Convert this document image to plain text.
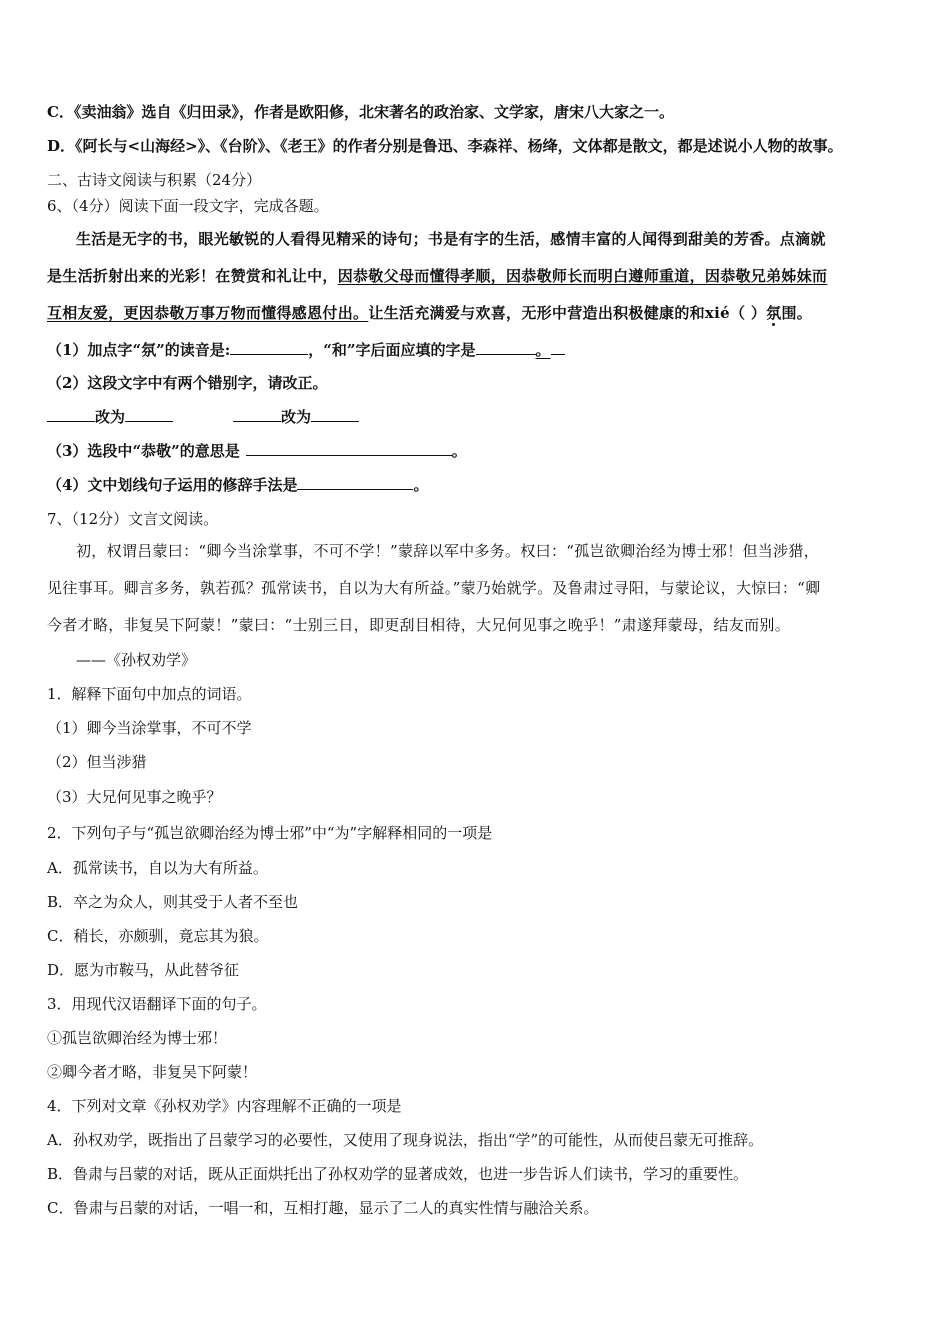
C．《卖油翁》选自《归田录》，作者是欧阳修，北宋著名的政治家、文学家，唐宋八大家之一。
D．《阿长与<山海经>》、《台阶》、《老王》的作者分别是鲁迅、李森祥、杨绛，文体都是散文，都是述说小人物的故事。
二、古诗文阅读与积累（24分）
6、（4分）阅读下面一段文字，完成各题。
生活是无字的书，眼光敏锐的人看得见精采的诗句；书是有字的生活，感情丰富的人闻得到甜美的芳香。点滴就
是生活折射出来的光彩！在赞赏和礼让中，因恭敬父母而懂得孝顺，因恭敬师长而明白遵师重道，因恭敬兄弟姊妹而
互相友爱，更因恭敬万事万物而懂得感恩付出。让生活充满爱与欢喜，无形中营造出积极健康的和xié（ ）氛围。
（1）加点字“氛”的读音是:	，“和”字后面应填的字是	。
（2）这段文字中有两个错别字，请改正。
改为	改为
（3）选段中“恭敬”的意思是	。
（4）文中划线句子运用的修辞手法是	。
7、（12分）文言文阅读。
初，权谓吕蒙曰：“卿今当涂掌事，不可不学！”蒙辞以军中多务。权曰：“孤岂欲卿治经为博士邪！但当涉猎，
见往事耳。卿言多务，孰若孤？孤常读书，自以为大有所益。”蒙乃始就学。及鲁肃过寻阳，与蒙论议，大惊曰：“卿
今者才略，非复吴下阿蒙！”蒙曰：“士别三日，即更刮目相待，大兄何见事之晚乎！”肃遂拜蒙母，结友而别。
——《孙权劝学》
1．解释下面句中加点的词语。
（1）卿今当涂掌事，不可不学
（2）但当涉猎
（3）大兄何见事之晚乎？
2．下列句子与“孤岂欲卿治经为博士邪”中“为”字解释相同的一项是
A．孤常读书，自以为大有所益。
B．卒之为众人，则其受于人者不至也
C．稍长，亦颇驯，竟忘其为狼。
D．愿为市鞍马，从此替爷征
3．用现代汉语翻译下面的句子。
①孤岂欲卿治经为博士邪！
②卿今者才略，非复吴下阿蒙！
4．下列对文章《孙权劝学》内容理解不正确的一项是
A．孙权劝学，既指出了吕蒙学习的必要性，又使用了现身说法，指出“学”的可能性，从而使吕蒙无可推辞。
B．鲁肃与吕蒙的对话，既从正面烘托出了孙权劝学的显著成效，也进一步告诉人们读书，学习的重要性。
C．鲁肃与吕蒙的对话，一唱一和，互相打趣，显示了二人的真实性情与融洽关系。
